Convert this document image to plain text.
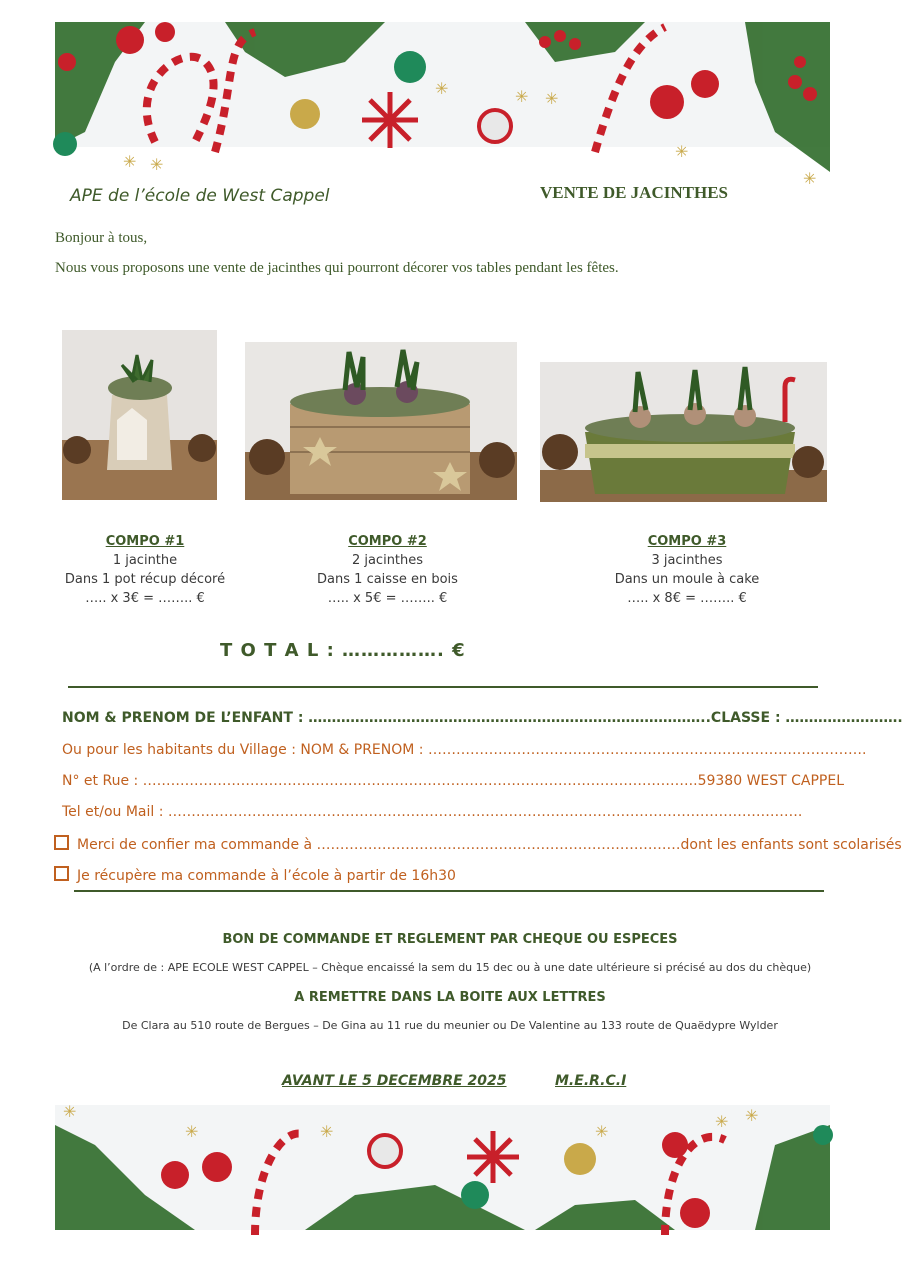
✳ ✳
✳	✳ ✳
✳
✳
APE de l’école de West Cappel	VENTE DE JACINTHES
Bonjour à tous,
Nous vous proposons une vente de jacinthes qui pourront décorer vos tables pendant les fêtes.
COMPO #1
1 jacinthe
Dans 1 pot récup décoré
….. x 3€ = …….. €
COMPO #2
2 jacinthes
Dans 1 caisse en bois
….. x 5€ = …….. €
COMPO #3
3 jacinthes
Dans un moule à cake
….. x 8€ = …….. €
T O T A L : ……………. €
NOM & PRENOM DE L’ENFANT : …………………………………………………………………………..CLASSE : …………………….
Ou pour les habitants du Village : NOM & PRENOM : ………………………………………………………………………………….
N° et Rue : ………………………………………………………………………………………………………..59380 WEST CAPPEL
Tel et/ou Mail : ……………………………………………………………………………………………………………………….
Merci de confier ma commande à ……………………………………………………………………dont les enfants sont scolarisés
Je récupère ma commande à l’école à partir de 16h30
BON DE COMMANDE ET REGLEMENT PAR CHEQUE OU ESPECES
(A l’ordre de : APE ECOLE WEST CAPPEL – Chèque encaissé la sem du 15 dec ou à une date ultérieure si précisé au dos du chèque)
A REMETTRE DANS LA BOITE AUX LETTRES
De Clara au 510 route de Bergues – De Gina au 11 rue du meunier ou De Valentine au 133 route de Quaëdypre Wylder
AVANT LE 5 DECEMBRE 2025	M.E.R.C.I
✳
✳	✳	✳
✳ ✳
